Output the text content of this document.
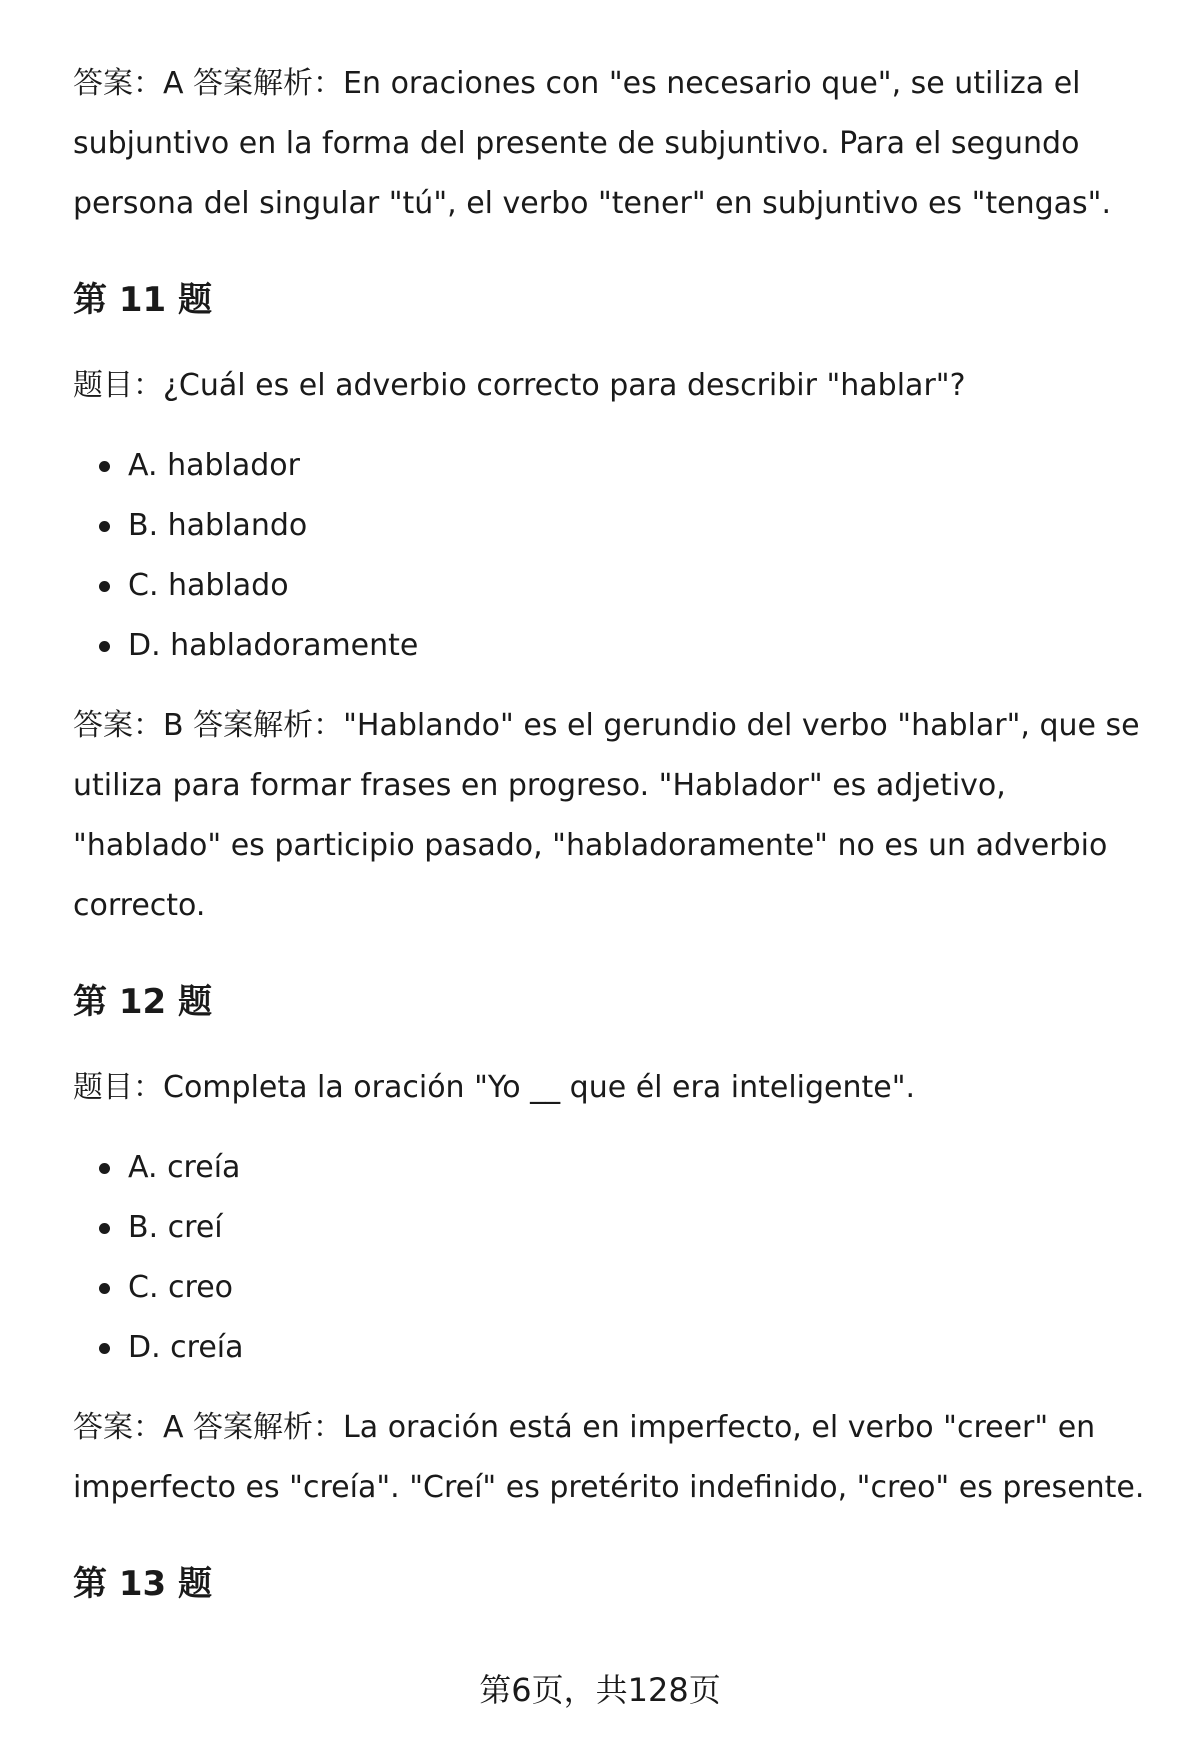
答案：A 答案解析：En oraciones con "es necesario que", se utiliza el subjuntivo en la forma del presente de subjuntivo. Para el segundo persona del singular "tú", el verbo "tener" en subjuntivo es "tengas".

第 11 题

题目：¿Cuál es el adverbio correcto para describir "hablar"?

A. hablador
B. hablando
C. hablado
D. habladoramente

答案：B 答案解析："Hablando" es el gerundio del verbo "hablar", que se utiliza para formar frases en progreso. "Hablador" es adjetivo, "hablado" es participio pasado, "habladoramente" no es un adverbio correcto.

第 12 题

题目：Completa la oración "Yo __ que él era inteligente".

A. creía
B. creí
C. creo
D. creía

答案：A 答案解析：La oración está en imperfecto, el verbo "creer" en imperfecto es "creía". "Creí" es pretérito indefinido, "creo" es presente.

第 13 题
第6页，共128页
